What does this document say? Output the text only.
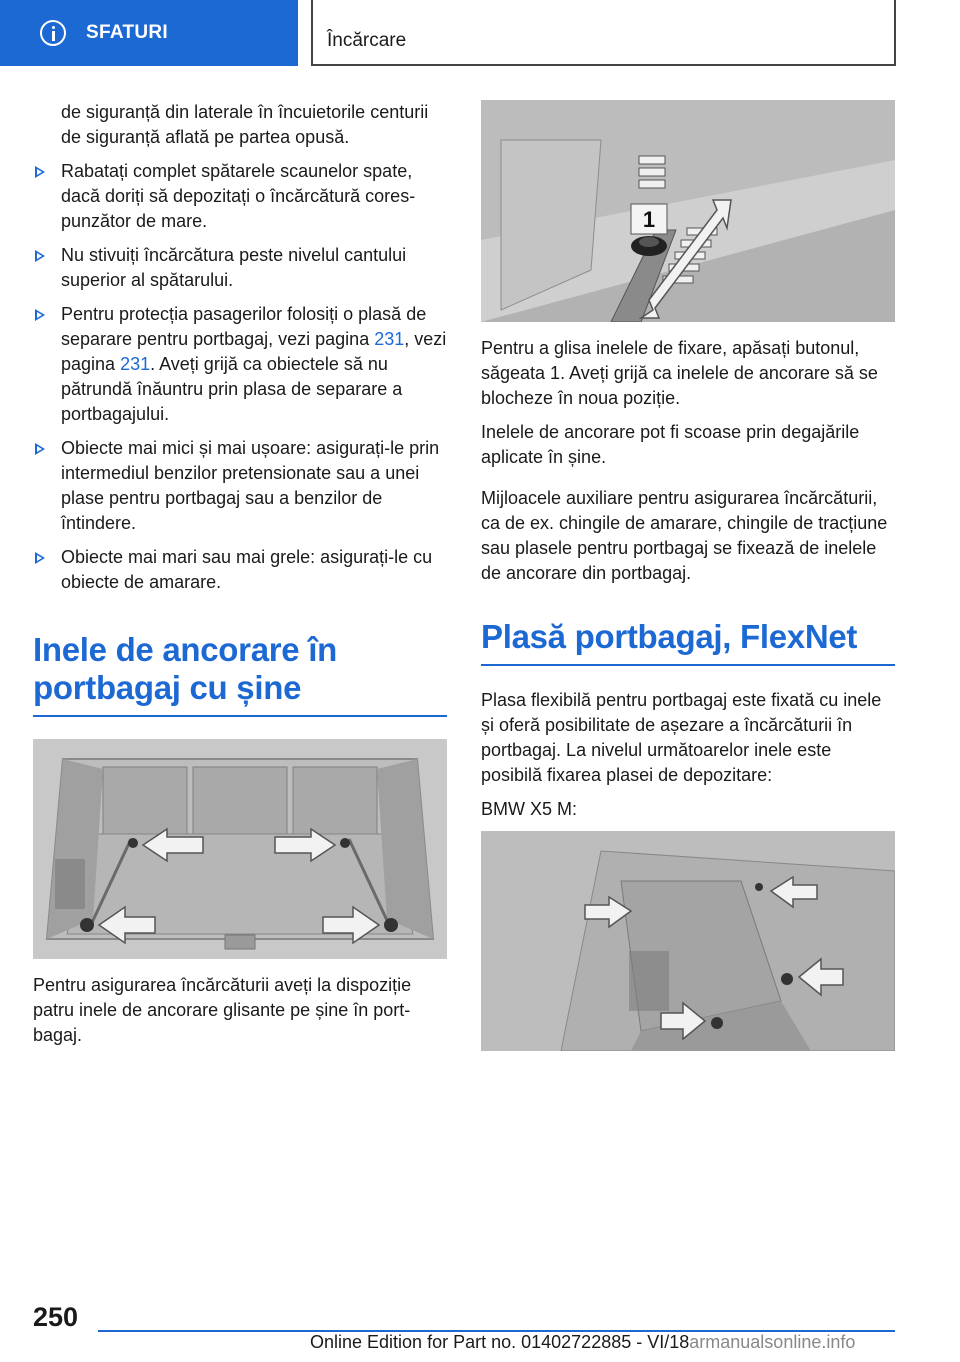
SFATURI	Încărcare

de siguranță din laterale în încuietorile centurii de siguranță aflată pe partea opusă.

Rabatați complet spătarele scaunelor spate, dacă doriți să depozitați o încărcătură corespunzător de mare.
Nu stivuiți încărcătura peste nivelul cantului superior al spătarului.
Pentru protecția pasagerilor folosiți o plasă de separare pentru portbagaj, vezi pagina 231, vezi pagina 231. Aveți grijă ca obiectele să nu pătrundă înăuntru prin plasa de separare a portbagajului.
Obiecte mai mici și mai ușoare: asigurați-le prin intermediul benzilor pretensionate sau a unei plase pentru portbagaj sau a benzilor de întindere.
Obiecte mai mari sau mai grele: asigurați-le cu obiecte de amarare.
Inele de ancorare în portbagaj cu șine

Pentru asigurarea încărcăturii aveți la dispoziție patru inele de ancorare glisante pe șine în portbagaj.

1

Pentru a glisa inelele de fixare, apăsați butonul, săgeata 1. Aveți grijă ca inelele de ancorare să se blocheze în noua poziție.

Inelele de ancorare pot fi scoase prin degajările aplicate în șine.

Mijloacele auxiliare pentru asigurarea încărcăturii, ca de ex. chingile de amarare, chingile de tracțiune sau plasele pentru portbagaj se fixează de inelele de ancorare din portbagaj.

Plasă portbagaj, FlexNet

Plasa flexibilă pentru portbagaj este fixată cu inele și oferă posibilitate de așezare a încărcăturii în portbagaj. La nivelul următoarelor inele este posibilă fixarea plasei de depozitare:

BMW X5 M:

250
Online Edition for Part no. 01402722885 - VI/18armanualsonline.info
